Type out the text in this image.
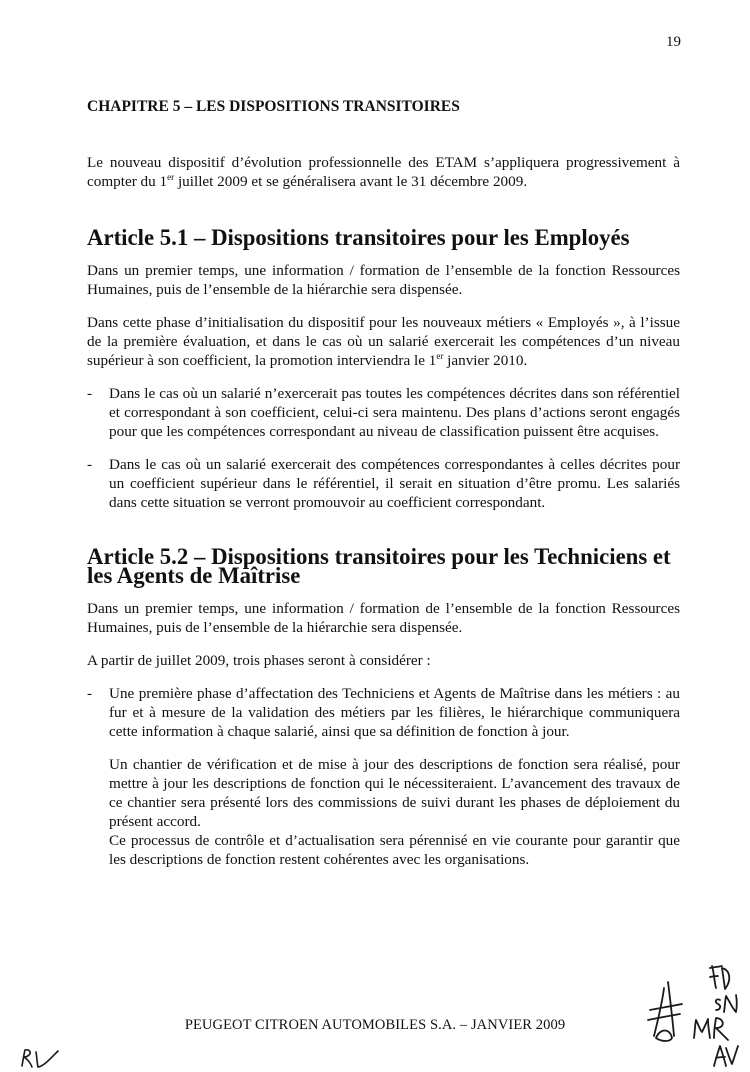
19
CHAPITRE 5 – LES DISPOSITIONS TRANSITOIRES

Le nouveau dispositif d’évolution professionnelle des ETAM s’appliquera progressivement à compter du 1er juillet 2009 et se généralisera avant le 31 décembre 2009.

Article 5.1 – Dispositions transitoires pour les Employés

Dans un premier temps, une information / formation de l’ensemble de la fonction Ressources Humaines, puis de l’ensemble de la hiérarchie sera dispensée.

Dans cette phase d’initialisation du dispositif pour les nouveaux métiers « Employés », à l’issue de la première évaluation, et dans le cas où un salarié exercerait les compétences d’un niveau supérieur à son coefficient, la promotion interviendra le 1er janvier 2010.

- Dans le cas où un salarié n’exercerait pas toutes les compétences décrites dans son référentiel et correspondant à son coefficient, celui-ci sera maintenu. Des plans d’actions seront engagés pour que les compétences correspondant au niveau de classification puissent être acquises.
- Dans le cas où un salarié exercerait des compétences correspondantes à celles décrites pour un coefficient supérieur dans le référentiel, il serait en situation d’être promu. Les salariés dans cette situation se verront promouvoir au coefficient correspondant.
Article 5.2 – Dispositions transitoires pour les Techniciens et les Agents de Maîtrise

Dans un premier temps, une information / formation de l’ensemble de la fonction Ressources Humaines, puis de l’ensemble de la hiérarchie sera dispensée.

A partir de juillet 2009, trois phases seront à considérer :

- Une première phase d’affectation des Techniciens et Agents de Maîtrise dans les métiers : au fur et à mesure de la validation des métiers par les filières, le hiérarchique communiquera cette information à chaque salarié, ainsi que sa définition de fonction à jour.

Un chantier de vérification et de mise à jour des descriptions de fonction sera réalisé, pour mettre à jour les descriptions de fonction qui le nécessiteraient. L’avancement des travaux de ce chantier sera présenté lors des commissions de suivi durant les phases de déploiement du présent accord.

Ce processus de contrôle et d’actualisation sera pérennisé en vie courante pour garantir que les descriptions de fonction restent cohérentes avec les organisations.

PEUGEOT CITROEN AUTOMOBILES S.A. – JANVIER 2009
